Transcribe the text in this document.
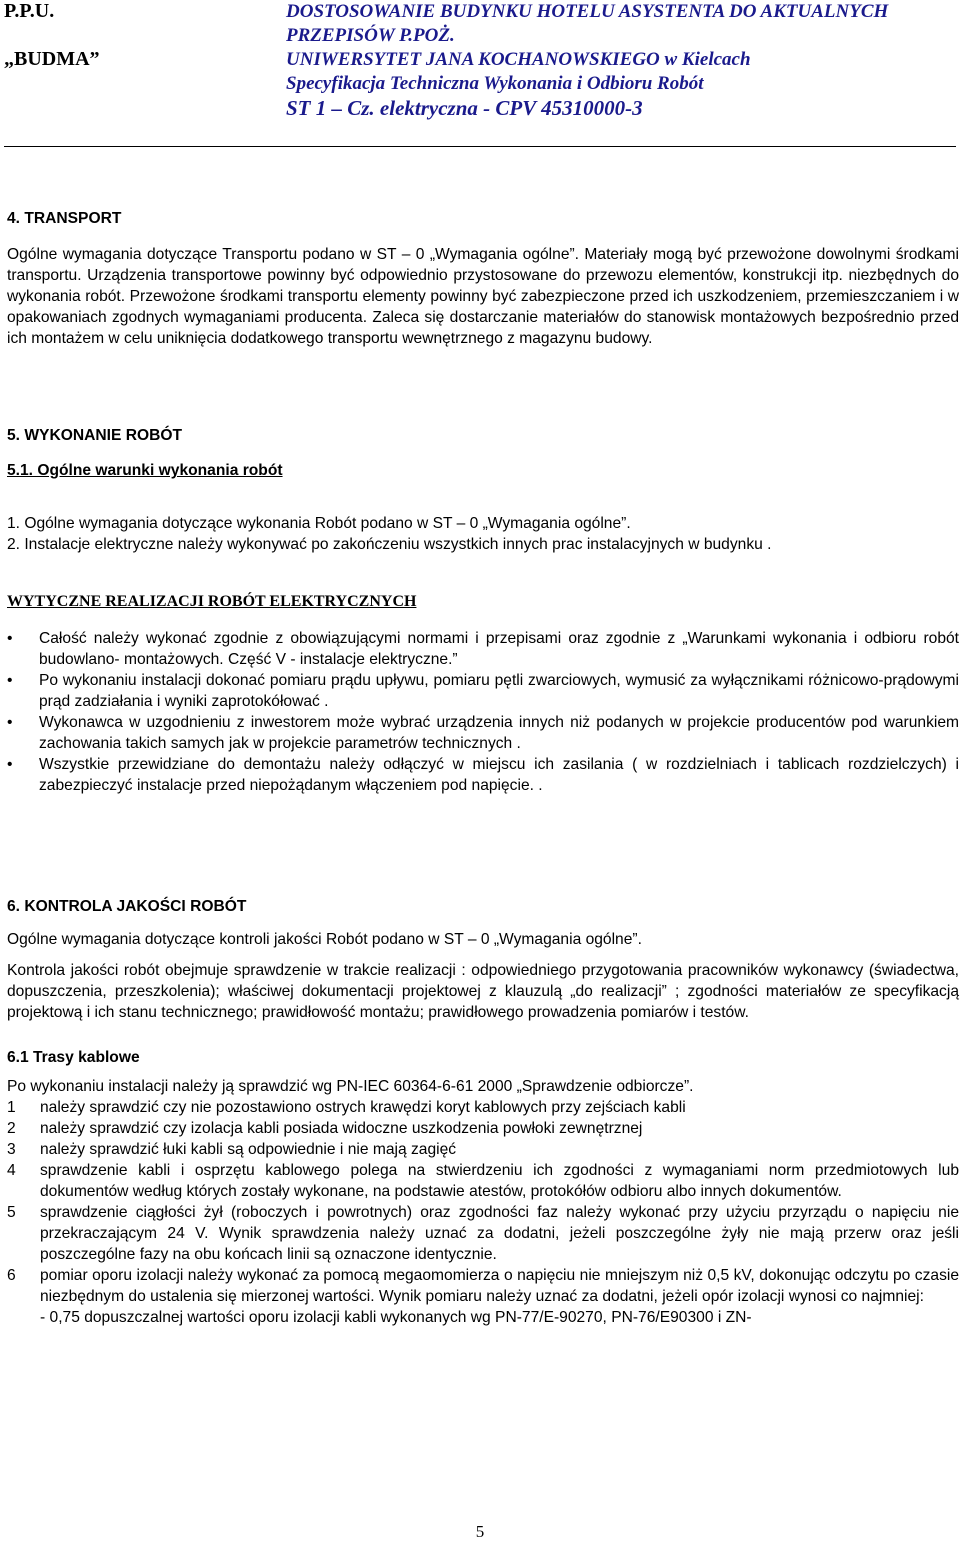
P.P.U.
„BUDMA”
DOSTOSOWANIE BUDYNKU HOTELU ASYSTENTA DO AKTUALNYCH
PRZEPISÓW P.POŻ.
UNIWERSYTET JANA KOCHANOWSKIEGO w Kielcach
Specyfikacja Techniczna Wykonania i Odbioru Robót
ST 1 – Cz. elektryczna - CPV 45310000-3
4. TRANSPORT

Ogólne wymagania dotyczące Transportu podano w ST – 0 „Wymagania ogólne”. Materiały mogą być przewożone dowolnymi środkami transportu. Urządzenia transportowe powinny być odpowiednio przystosowane do przewozu elementów, konstrukcji itp. niezbędnych do wykonania robót. Przewożone środkami transportu elementy powinny być zabezpieczone przed ich uszkodzeniem, przemieszczaniem i w opakowaniach zgodnych wymaganiami producenta. Zaleca się dostarczanie materiałów do stanowisk montażowych bezpośrednio przed ich montażem w celu uniknięcia dodatkowego transportu wewnętrznego z magazynu budowy.

5. WYKONANIE ROBÓT
5.1. Ogólne warunki wykonania robót

1. Ogólne wymagania dotyczące wykonania Robót podano w ST – 0 „Wymagania ogólne”.

2. Instalacje elektryczne należy wykonywać po zakończeniu wszystkich innych prac instalacyjnych w budynku .

WYTYCZNE REALIZACJI ROBÓT ELEKTRYCZNYCH
• Całość należy wykonać zgodnie z obowiązującymi normami i przepisami oraz zgodnie z „Warunkami wykonania i odbioru robót budowlano- montażowych. Część V - instalacje elektryczne.”
• Po wykonaniu instalacji dokonać pomiaru prądu upływu, pomiaru pętli zwarciowych, wymusić za wyłącznikami różnicowo-prądowymi prąd zadziałania i wyniki zaprotokółować .
• Wykonawca w uzgodnieniu z inwestorem może wybrać urządzenia innych niż podanych w projekcie producentów pod warunkiem zachowania takich samych jak w projekcie parametrów technicznych .
• Wszystkie przewidziane do demontażu należy odłączyć w miejscu ich zasilania ( w rozdzielniach i tablicach rozdzielczych) i zabezpieczyć instalacje przed niepożądanym włączeniem pod napięcie. .
6. KONTROLA JAKOŚCI ROBÓT

Ogólne wymagania dotyczące kontroli jakości Robót podano w ST – 0 „Wymagania ogólne”.

Kontrola jakości robót obejmuje sprawdzenie w trakcie realizacji : odpowiedniego przygotowania pracowników wykonawcy (świadectwa, dopuszczenia, przeszkolenia); właściwej dokumentacji projektowej z klauzulą „do realizacji” ; zgodności materiałów ze specyfikacją projektową i ich stanu technicznego; prawidłowość montażu; prawidłowego prowadzenia pomiarów i testów.

6.1 Trasy kablowe

Po wykonaniu instalacji należy ją sprawdzić wg PN-IEC 60364-6-61 2000 „Sprawdzenie odbiorcze”.

1 należy sprawdzić czy nie pozostawiono ostrych krawędzi koryt kablowych przy zejściach kabli
2 należy sprawdzić czy izolacja kabli posiada widoczne uszkodzenia powłoki zewnętrznej
3 należy sprawdzić łuki kabli są odpowiednie i nie mają zagięć
4 sprawdzenie kabli i osprzętu kablowego polega na stwierdzeniu ich zgodności z wymaganiami norm przedmiotowych lub dokumentów według których zostały wykonane, na podstawie atestów, protokółów odbioru albo innych dokumentów.
5 sprawdzenie ciągłości żył (roboczych i powrotnych) oraz zgodności faz należy wykonać przy użyciu przyrządu o napięciu nie przekraczającym 24 V. Wynik sprawdzenia należy uznać za dodatni, jeżeli poszczególne żyły nie mają przerw oraz jeśli poszczególne fazy na obu końcach linii są oznaczone identycznie.
6 pomiar oporu izolacji należy wykonać za pomocą megaomomierza o napięciu nie mniejszym niż 0,5 kV, dokonując odczytu po czasie niezbędnym do ustalenia się mierzonej wartości. Wynik pomiaru należy uznać za dodatni, jeżeli opór izolacji wynosi co najmniej:

- 0,75 dopuszczalnej wartości oporu izolacji kabli wykonanych wg PN-77/E-90270, PN-76/E90300 i ZN-

5
